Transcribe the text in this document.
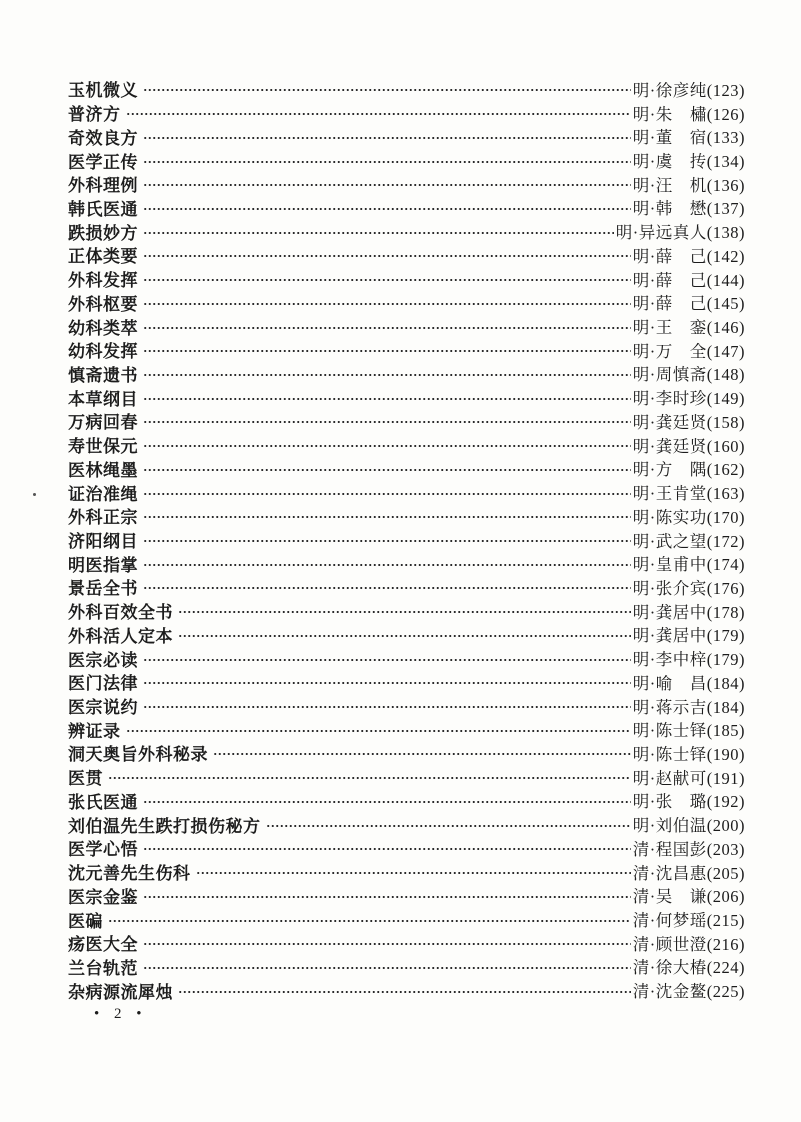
玉机微义	明·徐彦纯(123)
普济方	明·朱　橚(126)
奇效良方	明·董　宿(133)
医学正传	明·虞　抟(134)
外科理例	明·汪　机(136)
韩氏医通	明·韩　懋(137)
跌损妙方	明·异远真人(138)
正体类要	明·薛　己(142)
外科发挥	明·薛　己(144)
外科枢要	明·薛　己(145)
幼科类萃	明·王　銮(146)
幼科发挥	明·万　全(147)
慎斋遗书	明·周慎斋(148)
本草纲目	明·李时珍(149)
万病回春	明·龚廷贤(158)
寿世保元	明·龚廷贤(160)
医林绳墨	明·方　隅(162)
证治准绳	明·王肯堂(163)
外科正宗	明·陈实功(170)
济阳纲目	明·武之望(172)
明医指掌	明·皇甫中(174)
景岳全书	明·张介宾(176)
外科百效全书	明·龚居中(178)
外科活人定本	明·龚居中(179)
医宗必读	明·李中梓(179)
医门法律	明·喻　昌(184)
医宗说约	明·蒋示吉(184)
辨证录	明·陈士铎(185)
洞天奥旨外科秘录	明·陈士铎(190)
医贯	明·赵献可(191)
张氏医通	明·张　璐(192)
刘伯温先生跌打损伤秘方	明·刘伯温(200)
医学心悟	清·程国彭(203)
沈元善先生伤科	清·沈昌惠(205)
医宗金鉴	清·吴　谦(206)
医碥	清·何梦瑶(215)
疡医大全	清·顾世澄(216)
兰台轨范	清·徐大椿(224)
杂病源流犀烛	清·沈金鳌(225)
• 2 •
